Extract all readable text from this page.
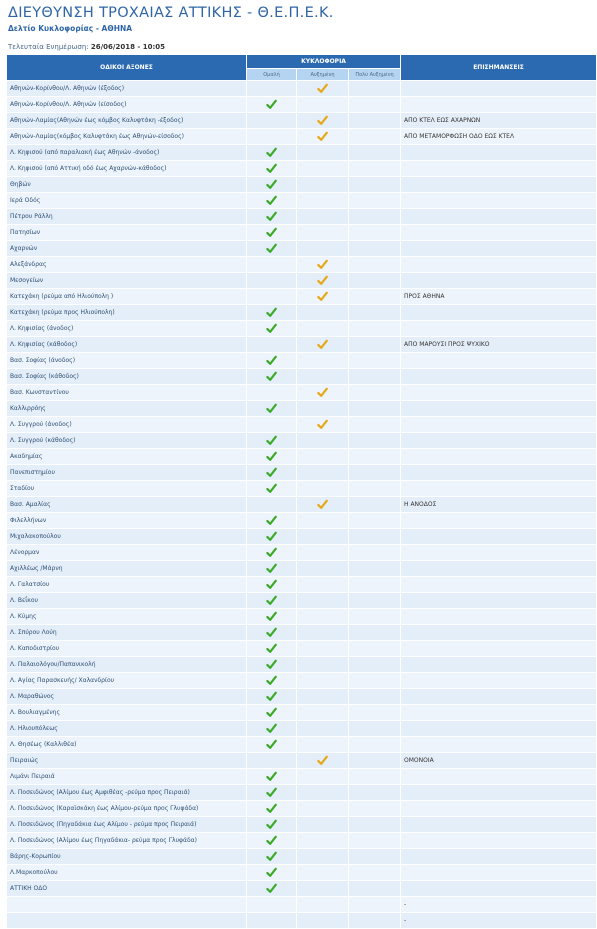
ΔΙΕΥΘΥΝΣΗ ΤΡΟΧΑΙΑΣ ΑΤΤΙΚΗΣ - Θ.Ε.Π.Ε.Κ.
Δελτίο Κυκλοφορίας - ΑΘΗΝΑ
Τελευταία Ενημέρωση: 26/06/2018 - 10:05
ΟΔΙΚΟΙ ΑΞΟΝΕΣ	ΚΥΚΛΟΦΟΡΙΑ			ΕΠΙΣΗΜΑΝΣΕΙΣ
	Ομαλή	Αυξημένη	Πολύ Αυξημένη	
Αθηνών-Κορίνθου/Λ. Αθηνών (έξοδος)				
Αθηνών-Κορίνθου/Λ. Αθηνών (είσοδος)				
Αθηνών-Λαμίας(Αθηνών έως κόμβος Καλυφτάκη -έξοδος)				ΑΠΟ ΚΤΕΛ ΕΩΣ ΑΧΑΡΝΩΝ
Αθηνών-Λαμίας(κόμβος Καλυφτάκη έως Αθηνών-είσοδος)				ΑΠΟ ΜΕΤΑΜΟΡΦΩΣΗ ΟΔΟ ΕΩΣ ΚΤΕΛ
Λ. Κηφισού (από παραλιακή έως Αθηνών -άνοδος)				
Λ. Κηφισού (από Αττική οδό έως Αχαρνών-κάθοδος)				
Θηβών				
Ιερά Οδός				
Πέτρου Ράλλη				
Πατησίων				
Αχαρνών				
Αλεξάνδρας				
Μεσογείων				
Κατεχάκη (ρεύμα από Ηλιούπολη )				ΠΡΟΣ ΑΘΗΝΑ
Κατεχάκη (ρεύμα προς Ηλιούπολη)				
Λ. Κηφισίας (άνοδος)				
Λ. Κηφισίας (κάθοδος)				ΑΠΟ ΜΑΡΟΥΣΙ ΠΡΟΣ ΨΥΧΙΚΟ
Βασ. Σοφίας (άνοδος)				
Βασ. Σοφίας (κάθοδος)				
Βασ. Κωνσταντίνου				
Καλλιρρόης				
Λ. Συγγρού (άνοδος)				
Λ. Συγγρού (κάθοδος)				
Ακαδημίας				
Πανεπιστημίου				
Σταδίου				
Βασ. Αμαλίας				Η ΑΝΟΔΟΣ
Φιλελλήνων				
Μιχαλακοπούλου				
Λένορμαν				
Αχιλλέως /Μάρνη				
Λ. Γαλατσίου				
Λ. Βεΐκου				
Λ. Κύμης				
Λ. Σπύρου Λούη				
Λ. Καποδιστρίου				
Λ. Παλαιολόγου/Παπανικολή				
Λ. Αγίας Παρασκευής/ Χαλανδρίου				
Λ. Μαραθώνος				
Λ. Βουλιαγμένης				
Λ. Ηλιουπόλεως				
Λ. Θησέως (Καλλιθέα)				
Πειραιώς				ΟΜΟΝΟΙΑ
Λιμάνι Πειραιά				
Λ. Ποσειδώνος (Αλίμου έως Αμφιθέας -ρεύμα προς Πειραιά)				
Λ. Ποσειδώνος (Καραϊσκάκη έως Αλίμου-ρεύμα προς Γλυφάδα)				
Λ. Ποσειδώνος (Πηγαδάκια έως Αλίμου - ρεύμα προς Πειραιά)				
Λ. Ποσειδώνος (Αλίμου έως Πηγαδάκια- ρεύμα προς Γλυφάδα)				
Βάρης-Κορωπίου				
Λ.Μαρκοπούλου				
ΑΤΤΙΚΗ ΟΔΟ				
				-
				-
